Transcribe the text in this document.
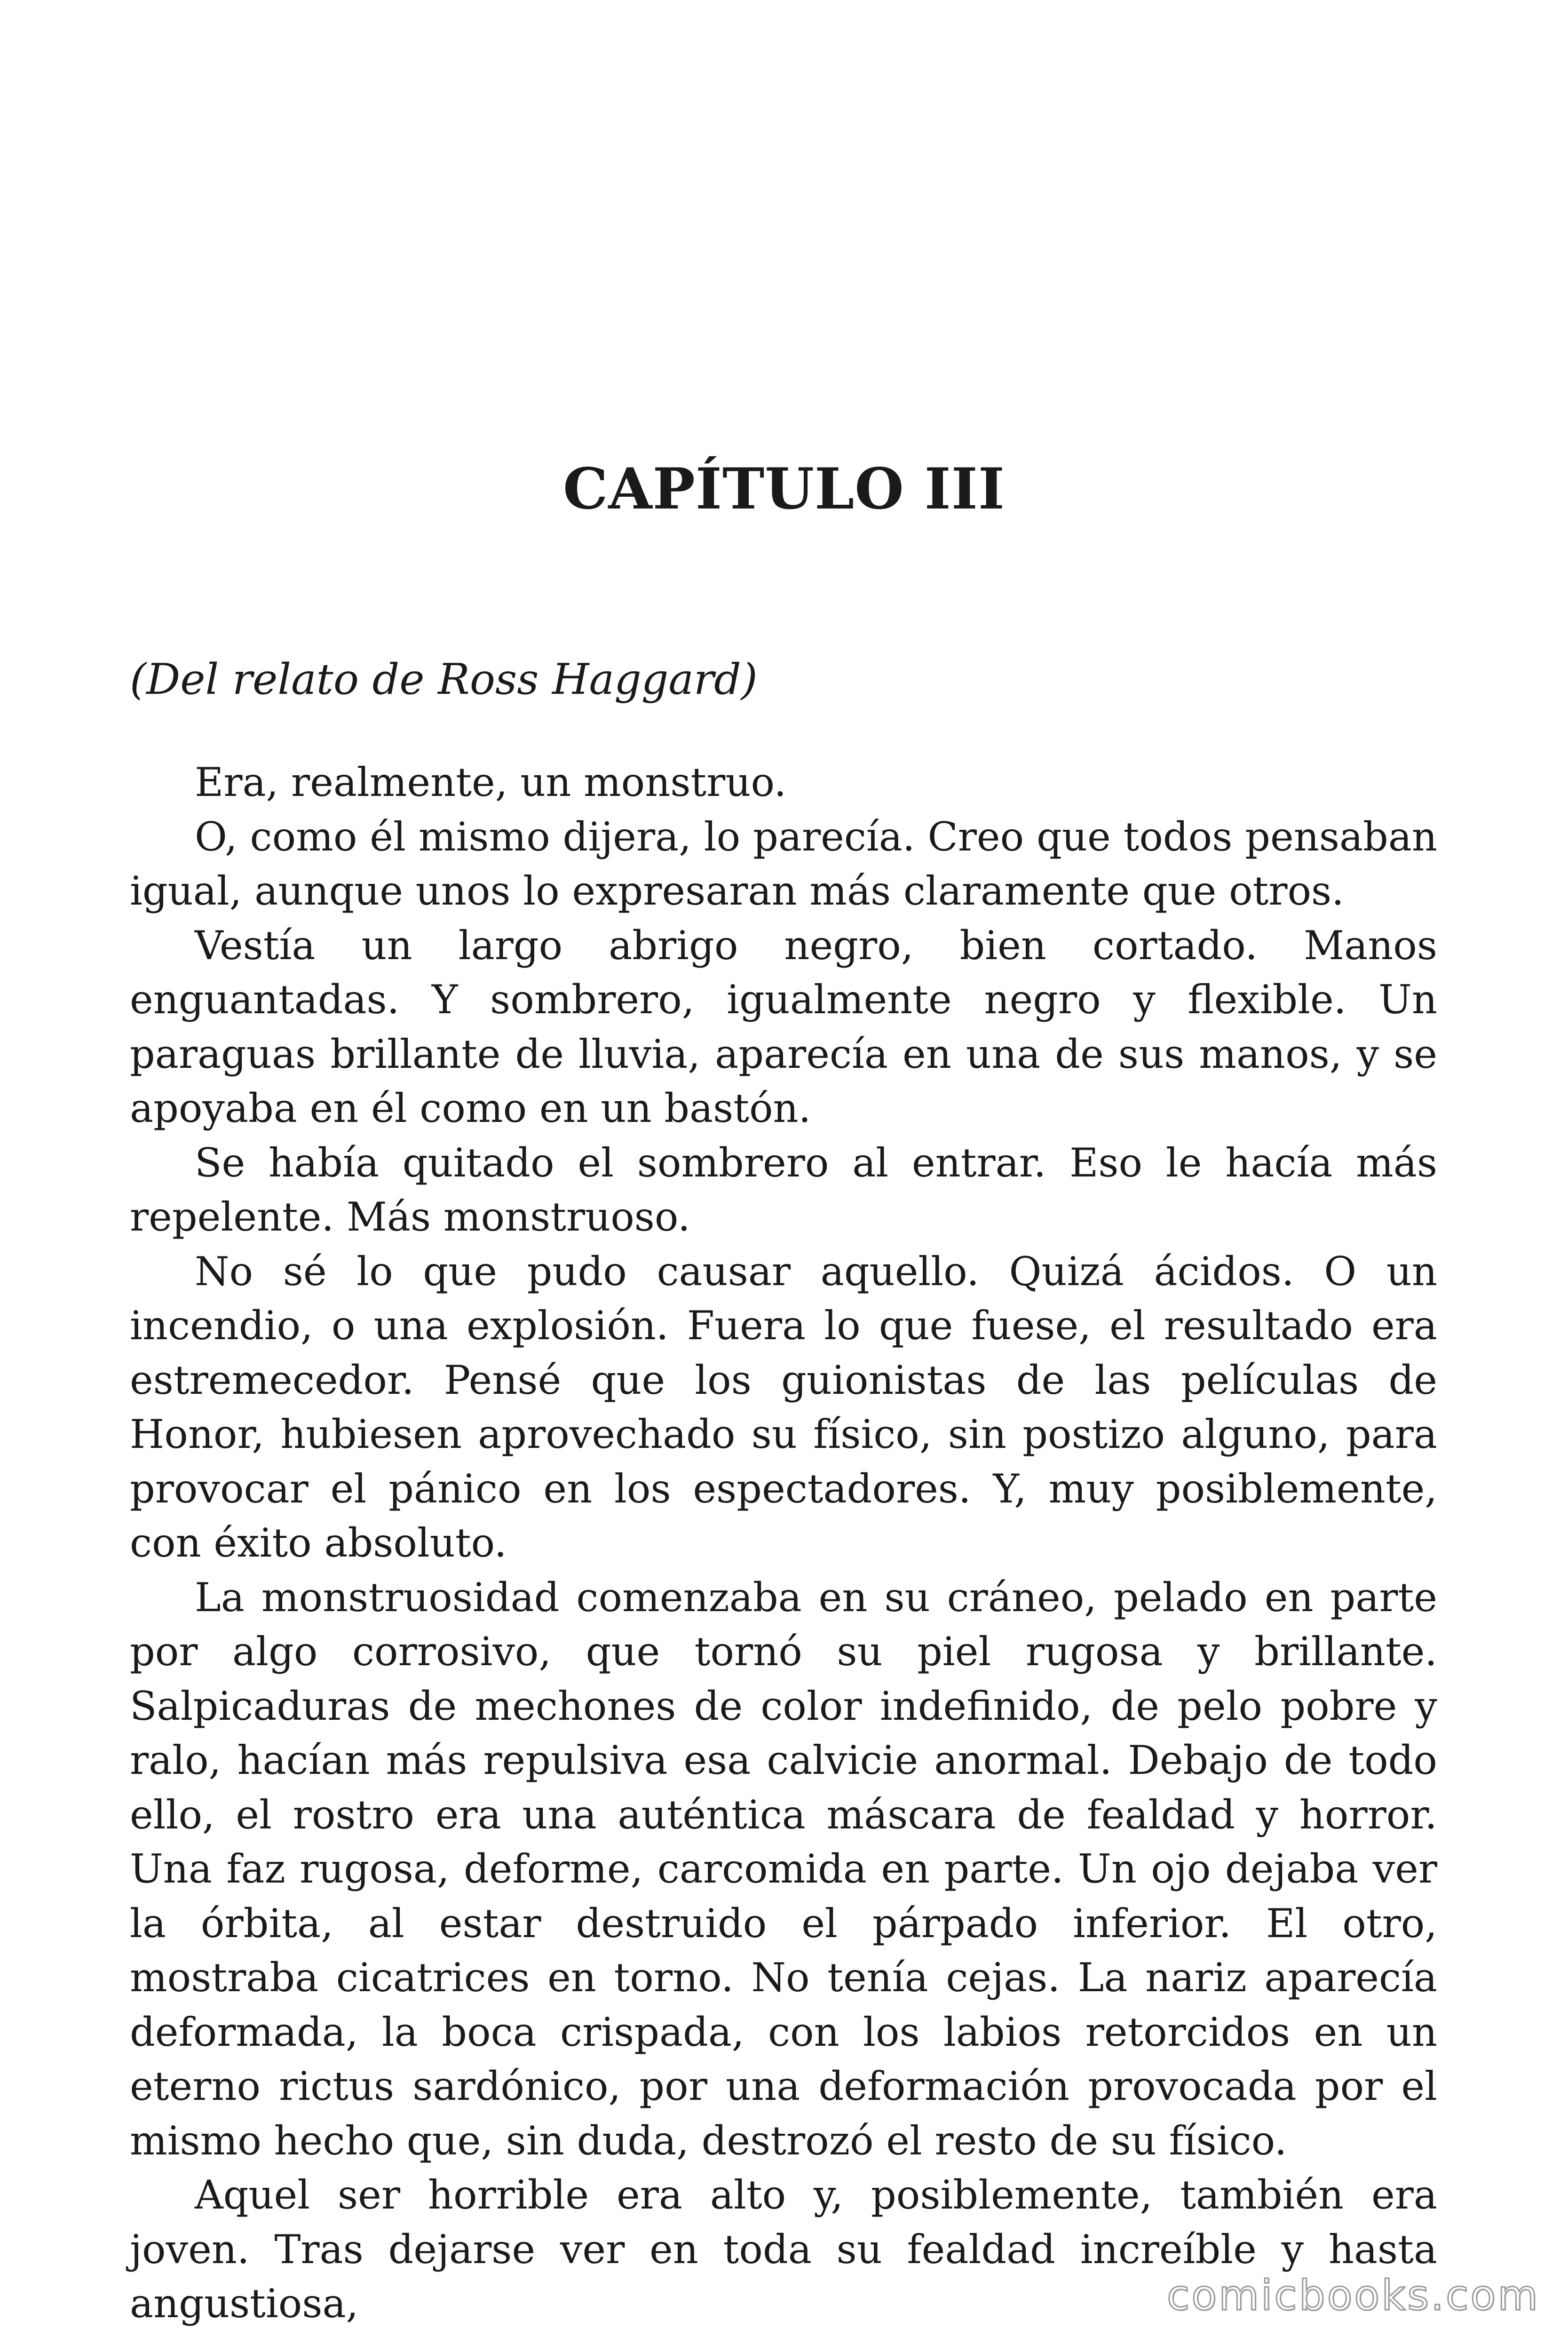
CAPÍTULO III

(Del relato de Ross Haggard)

Era, realmente, un monstruo.

O, como él mismo dijera, lo parecía. Creo que todos pensaban igual, aunque unos lo expresaran más claramente que otros.

Vestía un largo abrigo negro, bien cortado. Manos enguantadas. Y sombrero, igualmente negro y flexible. Un paraguas brillante de lluvia, aparecía en una de sus manos, y se apoyaba en él como en un bastón.

Se había quitado el sombrero al entrar. Eso le hacía más repelente. Más monstruoso.

No sé lo que pudo causar aquello. Quizá ácidos. O un incendio, o una explosión. Fuera lo que fuese, el resultado era estremecedor. Pensé que los guionistas de las películas de Honor, hubiesen aprovechado su físico, sin postizo alguno, para provocar el pánico en los espectadores. Y, muy posiblemente, con éxito absoluto.

La monstruosidad comenzaba en su cráneo, pelado en parte por algo corrosivo, que tornó su piel rugosa y brillante. Salpicaduras de mechones de color indefinido, de pelo pobre y ralo, hacían más repulsiva esa calvicie anormal. Debajo de todo ello, el rostro era una auténtica máscara de fealdad y horror. Una faz rugosa, deforme, carcomida en parte. Un ojo dejaba ver la órbita, al estar destruido el párpado inferior. El otro, mostraba cicatrices en torno. No tenía cejas. La nariz aparecía deformada, la boca crispada, con los labios retorcidos en un eterno rictus sardónico, por una deformación provocada por el mismo hecho que, sin duda, destrozó el resto de su físico.

Aquel ser horrible era alto y, posiblemente, también era joven. Tras dejarse ver en toda su fealdad increíble y hasta angustiosa,	comicbooks.com
